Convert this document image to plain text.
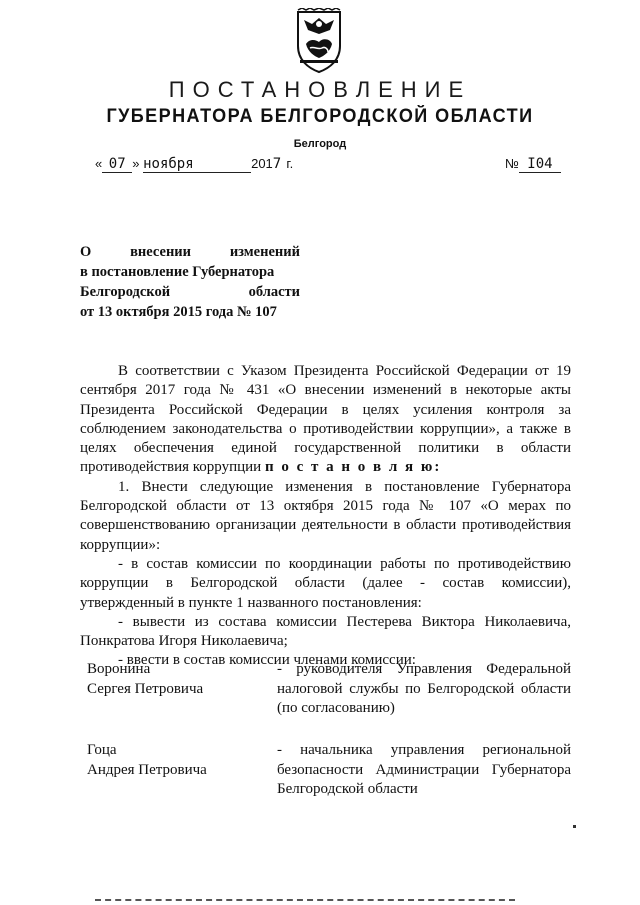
ПОСТАНОВЛЕНИЕ
ГУБЕРНАТОРА БЕЛГОРОДСКОЙ ОБЛАСТИ
Белгород
« 07 » ноября	2017 г.	№ I04
О	внесении	изменений
в постановление Губернатора
Белгородской	области
от 13 октября 2015 года № 107

В соответствии с Указом Президента Российской Федерации от 19 сентября 2017 года № 431 «О внесении изменений в некоторые акты Президента Российской Федерации в целях усиления контроля за соблюдением законодательства о противодействии коррупции», а также в целях обеспечения единой государственной политики в области противодействия коррупции п о с т а н о в л я ю:

1. Внести следующие изменения в постановление Губернатора Белгородской области от 13 октября 2015 года № 107 «О мерах по совершенствованию организации деятельности в области противодействия коррупции»:

- в состав комиссии по координации работы по противодействию коррупции в Белгородской области (далее - состав комиссии), утвержденный в пункте 1 названного постановления:

- вывести из состава комиссии Пестерева Виктора Николаевича, Понкратова Игоря Николаевича;

- ввести в состав комиссии членами комиссии:

Воронина
Сергея Петровича
- руководителя Управления Федеральной налоговой службы по Белгородской области (по согласованию)
Гоца
Андрея Петровича
- начальника управления региональной безопасности Администрации Губернатора Белгородской области
